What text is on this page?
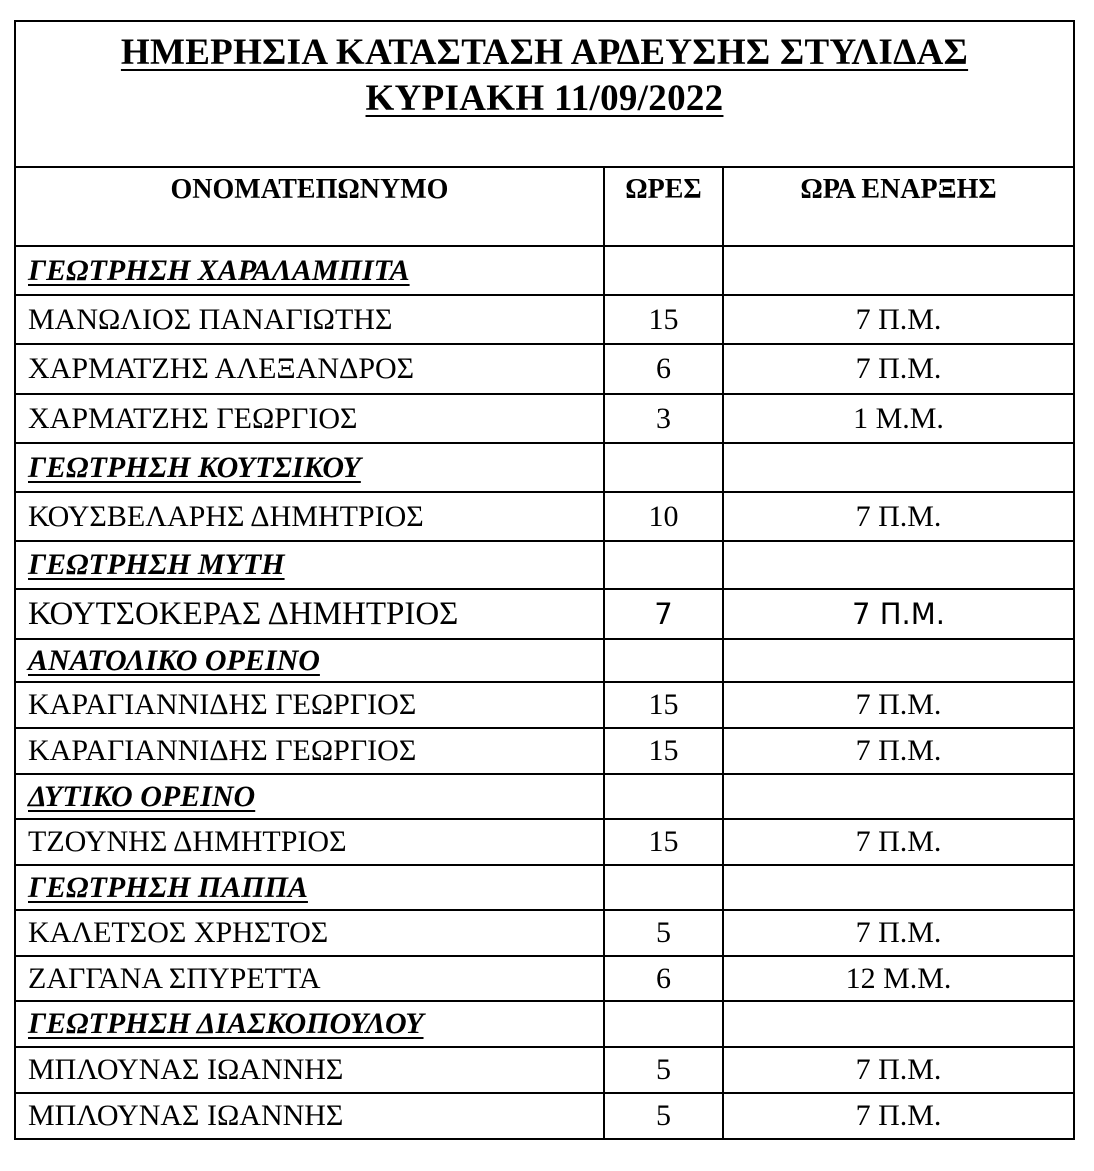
ΗΜΕΡΗΣΙΑ ΚΑΤΑΣΤΑΣΗ ΑΡΔΕΥΣΗΣ ΣΤΥΛΙΔΑΣ
ΚΥΡΙΑΚΗ 11/09/2022
ΟΝΟΜΑΤΕΠΩΝΥΜΟ	ΩΡΕΣ	ΩΡΑ ΕΝΑΡΞΗΣ
ΓΕΩΤΡΗΣΗ ΧΑΡΑΛΑΜΠΙΤΑ		
ΜΑΝΩΛΙΟΣ ΠΑΝΑΓΙΩΤΗΣ	15	7 Π.Μ.
ΧΑΡΜΑΤΖΗΣ ΑΛΕΞΑΝΔΡΟΣ	6	7 Π.Μ.
ΧΑΡΜΑΤΖΗΣ ΓΕΩΡΓΙΟΣ	3	1 Μ.Μ.
ΓΕΩΤΡΗΣΗ ΚΟΥΤΣΙΚΟΥ		
ΚΟΥΣΒΕΛΑΡΗΣ ΔΗΜΗΤΡΙΟΣ	10	7 Π.Μ.
ΓΕΩΤΡΗΣΗ ΜΥΤΗ		
ΚΟΥΤΣΟΚΕΡΑΣ ΔΗΜΗΤΡΙΟΣ	7	7 Π.Μ.
ΑΝΑΤΟΛΙΚΟ ΟΡΕΙΝΟ		
ΚΑΡΑΓΙΑΝΝΙΔΗΣ ΓΕΩΡΓΙΟΣ	15	7 Π.Μ.
ΚΑΡΑΓΙΑΝΝΙΔΗΣ ΓΕΩΡΓΙΟΣ	15	7 Π.Μ.
ΔΥΤΙΚΟ ΟΡΕΙΝΟ		
ΤΖΟΥΝΗΣ ΔΗΜΗΤΡΙΟΣ	15	7 Π.Μ.
ΓΕΩΤΡΗΣΗ ΠΑΠΠΑ		
ΚΑΛΕΤΣΟΣ ΧΡΗΣΤΟΣ	5	7 Π.Μ.
ΖΑΓΓΑΝΑ ΣΠΥΡΕΤΤΑ	6	12 Μ.Μ.
ΓΕΩΤΡΗΣΗ ΔΙΑΣΚΟΠΟΥΛΟΥ		
ΜΠΛΟΥΝΑΣ ΙΩΑΝΝΗΣ	5	7 Π.Μ.
ΜΠΛΟΥΝΑΣ ΙΩΑΝΝΗΣ	5	7 Π.Μ.
